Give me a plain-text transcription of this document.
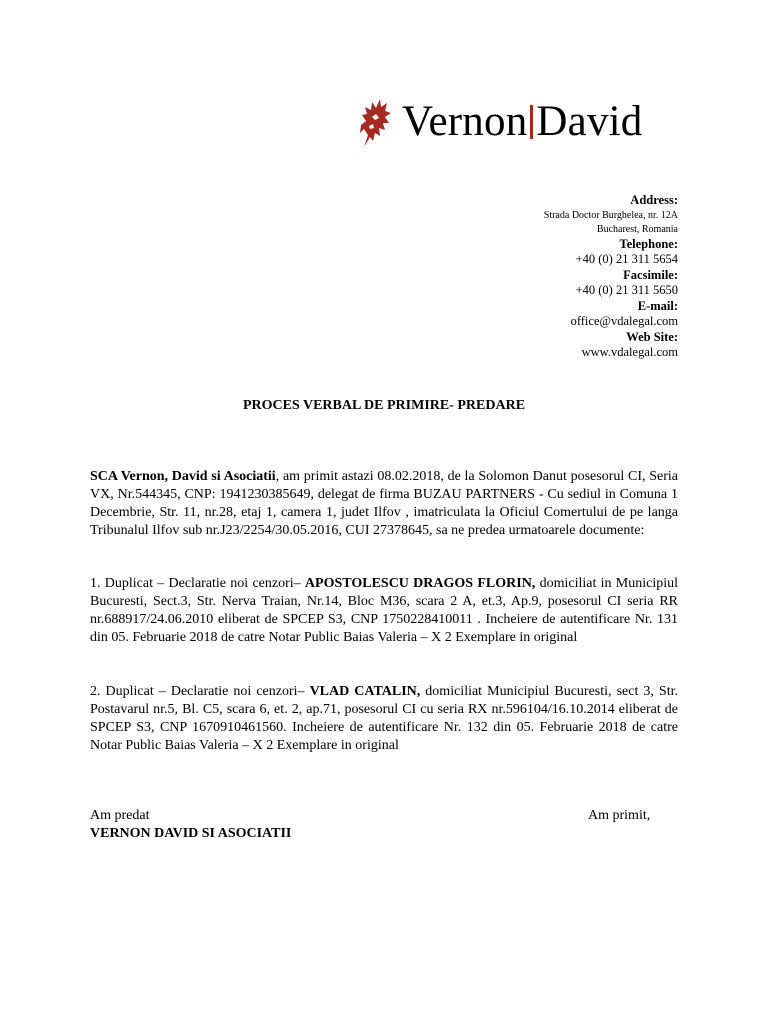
Vernon David
Address:
Strada Doctor Burghelea, nr. 12A
Bucharest, Romania
Telephone:
+40 (0) 21 311 5654
Facsimile:
+40 (0) 21 311 5650
E-mail:
office@vdalegal.com
Web Site:
www.vdalegal.com
PROCES VERBAL DE PRIMIRE- PREDARE
SCA Vernon, David si Asociatii, am primit astazi 08.02.2018, de la Solomon Danut posesorul CI, Seria VX, Nr.544345, CNP: 1941230385649, delegat de firma BUZAU PARTNERS - Cu sediul in Comuna 1 Decembrie, Str. 11, nr.28, etaj 1, camera 1, judet Ilfov , imatriculata la Oficiul Comertului de pe langa Tribunalul Ilfov sub nr.J23/2254/30.05.2016, CUI 27378645, sa ne predea urmatoarele documente:
1. Duplicat – Declaratie noi cenzori– APOSTOLESCU DRAGOS FLORIN, domiciliat in Municipiul Bucuresti, Sect.3, Str. Nerva Traian, Nr.14, Bloc M36, scara 2 A, et.3, Ap.9, posesorul CI seria RR nr.688917/24.06.2010 eliberat de SPCEP S3, CNP 1750228410011 . Incheiere de autentificare Nr. 131 din 05. Februarie 2018 de catre Notar Public Baias Valeria – X 2 Exemplare in original
2. Duplicat – Declaratie noi cenzori– VLAD CATALIN, domiciliat Municipiul Bucuresti, sect 3, Str. Postavarul nr.5, Bl. C5, scara 6, et. 2, ap.71, posesorul CI cu seria RX nr.596104/16.10.2014 eliberat de SPCEP S3, CNP 1670910461560. Incheiere de autentificare Nr. 132 din 05. Februarie 2018 de catre Notar Public Baias Valeria – X 2 Exemplare in original
Am predat
VERNON DAVID SI ASOCIATII
Am primit,
